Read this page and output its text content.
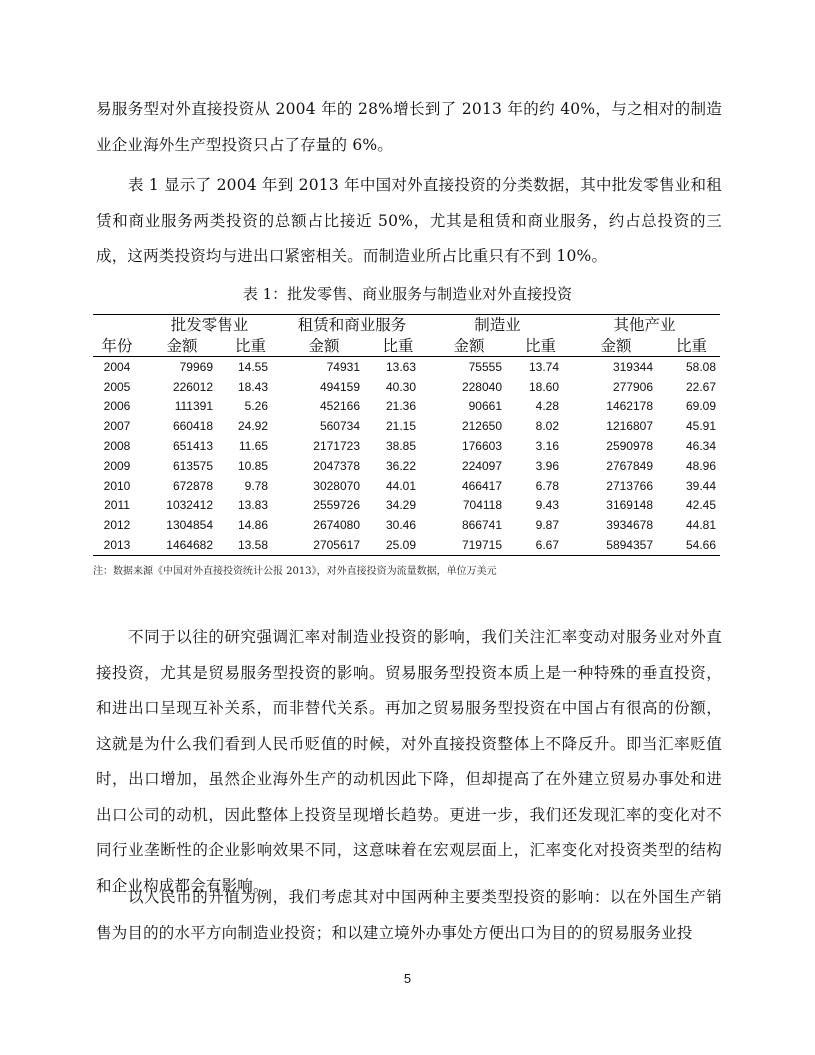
易服务型对外直接投资从 2004 年的 28%增长到了 2013 年的约 40%，与之相对的制造业企业海外生产型投资只占了存量的 6%。

表 1 显示了 2004 年到 2013 年中国对外直接投资的分类数据，其中批发零售业和租赁和商业服务两类投资的总额占比接近 50%，尤其是租赁和商业服务，约占总投资的三成，这两类投资均与进出口紧密相关。而制造业所占比重只有不到 10%。

表 1：批发零售、商业服务与制造业对外直接投资
	批发零售业		租赁和商业服务		制造业		其他产业	
年份	金额	比重	金额	比重	金额	比重	金额	比重
2004	79969	14.55	74931	13.63	75555	13.74	319344	58.08
2005	226012	18.43	494159	40.30	228040	18.60	277906	22.67
2006	111391	5.26	452166	21.36	90661	4.28	1462178	69.09
2007	660418	24.92	560734	21.15	212650	8.02	1216807	45.91
2008	651413	11.65	2171723	38.85	176603	3.16	2590978	46.34
2009	613575	10.85	2047378	36.22	224097	3.96	2767849	48.96
2010	672878	9.78	3028070	44.01	466417	6.78	2713766	39.44
2011	1032412	13.83	2559726	34.29	704118	9.43	3169148	42.45
2012	1304854	14.86	2674080	30.46	866741	9.87	3934678	44.81
2013	1464682	13.58	2705617	25.09	719715	6.67	5894357	54.66
注：数据来源《中国对外直接投资统计公报 2013》，对外直接投资为流量数据，单位万美元

不同于以往的研究强调汇率对制造业投资的影响，我们关注汇率变动对服务业对外直接投资，尤其是贸易服务型投资的影响。贸易服务型投资本质上是一种特殊的垂直投资，和进出口呈现互补关系，而非替代关系。再加之贸易服务型投资在中国占有很高的份额，这就是为什么我们看到人民币贬值的时候，对外直接投资整体上不降反升。即当汇率贬值时，出口增加，虽然企业海外生产的动机因此下降，但却提高了在外建立贸易办事处和进出口公司的动机，因此整体上投资呈现增长趋势。更进一步，我们还发现汇率的变化对不同行业垄断性的企业影响效果不同，这意味着在宏观层面上，汇率变化对投资类型的结构和企业构成都会有影响。

以人民币的升值为例，我们考虑其对中国两种主要类型投资的影响：以在外国生产销售为目的的水平方向制造业投资；和以建立境外办事处方便出口为目的的贸易服务业投

5
